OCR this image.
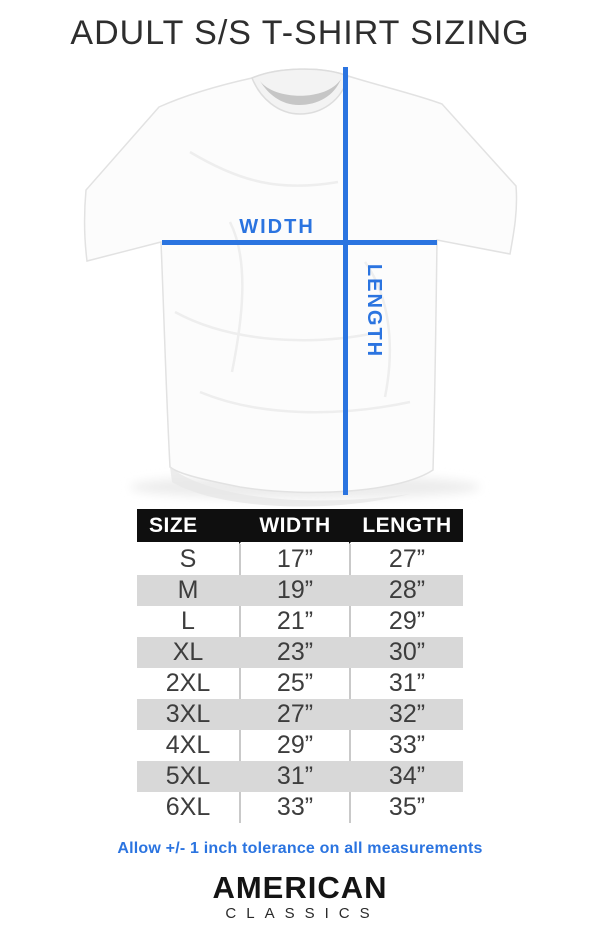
ADULT S/S T-SHIRT SIZING
WIDTH
LENGTH
SIZE	WIDTH	LENGTH
S	17”	27”
M	19”	28”
L	21”	29”
XL	23”	30”
2XL	25”	31”
3XL	27”	32”
4XL	29”	33”
5XL	31”	34”
6XL	33”	35”

Allow +/- 1 inch tolerance on all measurements

AMERICAN
CLASSICS
